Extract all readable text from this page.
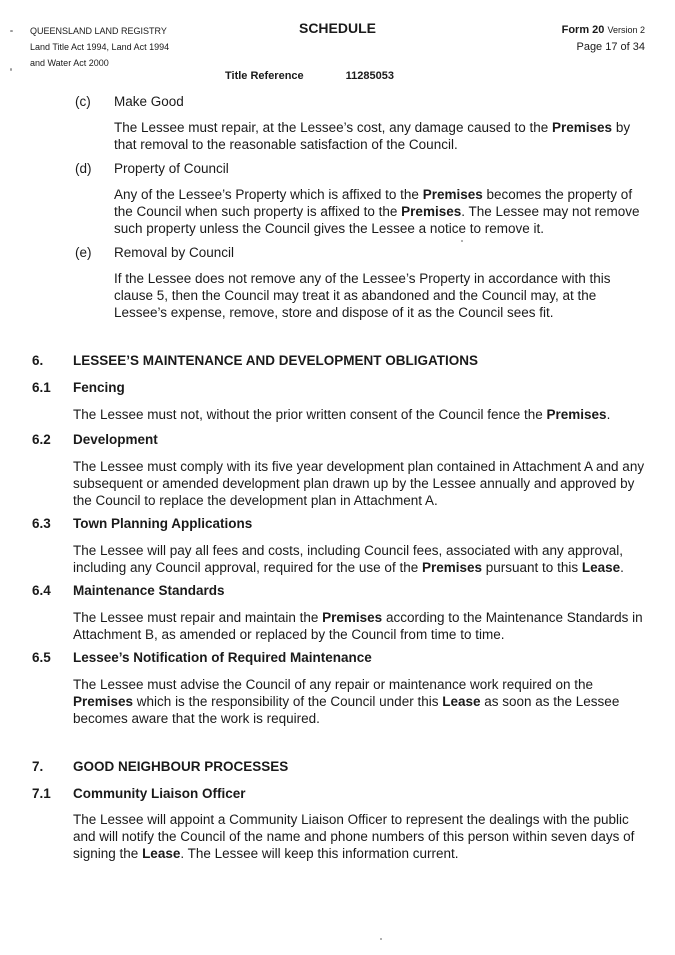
QUEENSLAND LAND REGISTRY
Land Title Act 1994, Land Act 1994
and Water Act 2000
SCHEDULE	Form 20 Version 2
Page 17 of 34
Title Reference	11285053
(c) Make Good

The Lessee must repair, at the Lessee’s cost, any damage caused to the Premises by that removal to the reasonable satisfaction of the Council.

(d) Property of Council

Any of the Lessee’s Property which is affixed to the Premises becomes the property of the Council when such property is affixed to the Premises. The Lessee may not remove such property unless the Council gives the Lessee a notice to remove it.

(e) Removal by Council

If the Lessee does not remove any of the Lessee’s Property in accordance with this clause 5, then the Council may treat it as abandoned and the Council may, at the Lessee’s expense, remove, store and dispose of it as the Council sees fit.

6. LESSEE’S MAINTENANCE AND DEVELOPMENT OBLIGATIONS
6.1 Fencing

The Lessee must not, without the prior written consent of the Council fence the Premises.

6.2 Development

The Lessee must comply with its five year development plan contained in Attachment A and any subsequent or amended development plan drawn up by the Lessee annually and approved by the Council to replace the development plan in Attachment A.

6.3 Town Planning Applications

The Lessee will pay all fees and costs, including Council fees, associated with any approval, including any Council approval, required for the use of the Premises pursuant to this Lease.

6.4 Maintenance Standards

The Lessee must repair and maintain the Premises according to the Maintenance Standards in Attachment B, as amended or replaced by the Council from time to time.

6.5 Lessee’s Notification of Required Maintenance

The Lessee must advise the Council of any repair or maintenance work required on the Premises which is the responsibility of the Council under this Lease as soon as the Lessee becomes aware that the work is required.

7. GOOD NEIGHBOUR PROCESSES
7.1 Community Liaison Officer

The Lessee will appoint a Community Liaison Officer to represent the dealings with the public and will notify the Council of the name and phone numbers of this person within seven days of signing the Lease. The Lessee will keep this information current.
